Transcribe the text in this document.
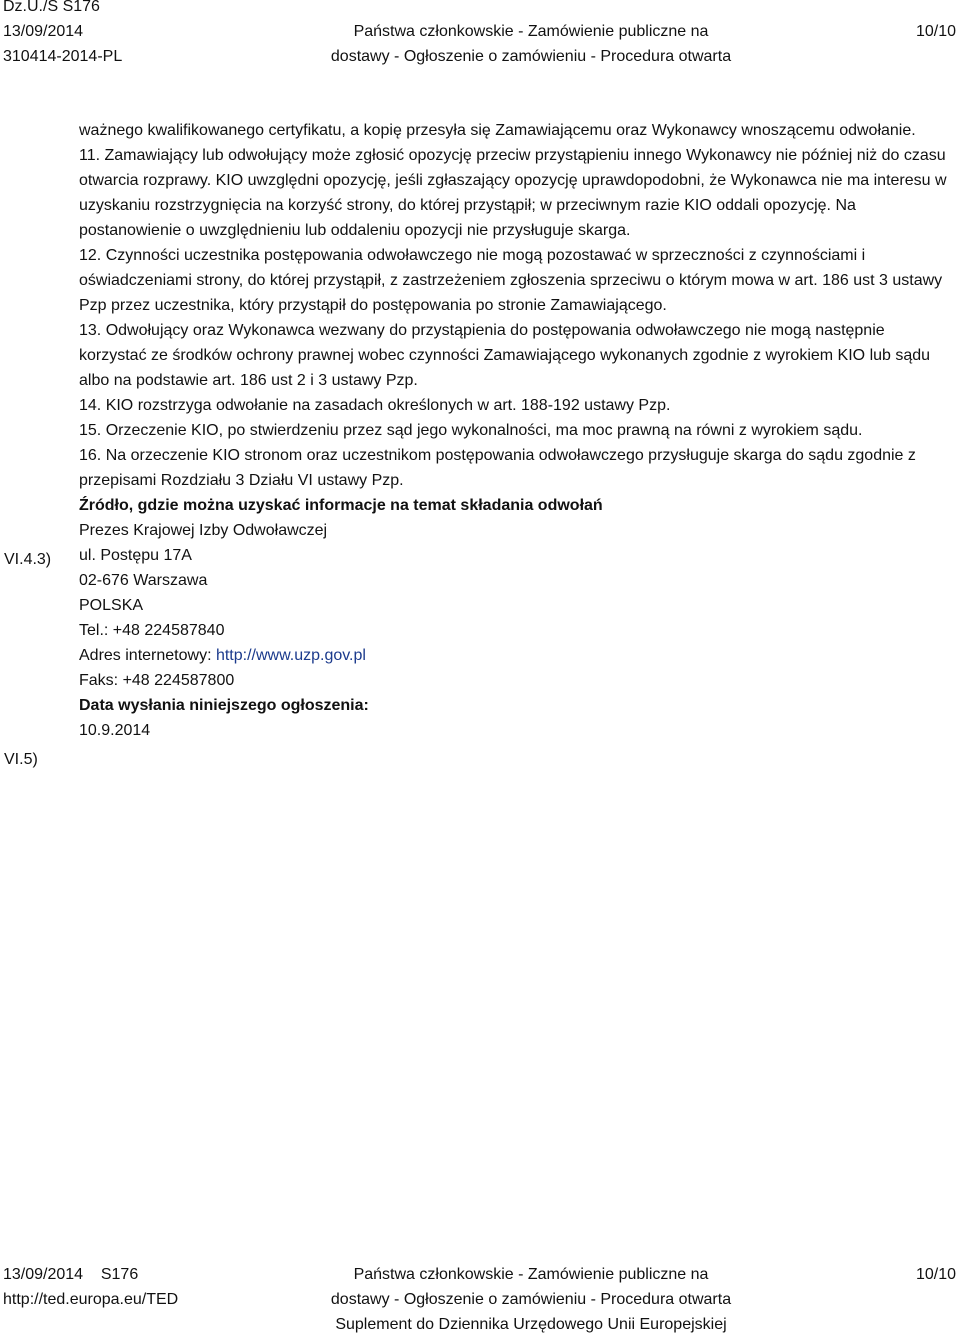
Dz.U./S S176
13/09/2014
310414-2014-PL
Państwa członkowskie - Zamówienie publiczne na
dostawy - Ogłoszenie o zamówieniu - Procedura otwarta
10/10

ważnego kwalifikowanego certyfikatu, a kopię przesyła się Zamawiającemu oraz Wykonawcy wnoszącemu odwołanie.

11. Zamawiający lub odwołujący może zgłosić opozycję przeciw przystąpieniu innego Wykonawcy nie później niż do czasu otwarcia rozprawy. KIO uwzględni opozycję, jeśli zgłaszający opozycję uprawdopodobni, że Wykonawca nie ma interesu w uzyskaniu rozstrzygnięcia na korzyść strony, do której przystąpił; w przeciwnym razie KIO oddali opozycję. Na postanowienie o uwzględnieniu lub oddaleniu opozycji nie przysługuje skarga.

12. Czynności uczestnika postępowania odwoławczego nie mogą pozostawać w sprzeczności z czynnościami i oświadczeniami strony, do której przystąpił, z zastrzeżeniem zgłoszenia sprzeciwu o którym mowa w art. 186 ust 3 ustawy Pzp przez uczestnika, który przystąpił do postępowania po stronie Zamawiającego.

13. Odwołujący oraz Wykonawca wezwany do przystąpienia do postępowania odwoławczego nie mogą następnie korzystać ze środków ochrony prawnej wobec czynności Zamawiającego wykonanych zgodnie z wyrokiem KIO lub sądu albo na podstawie art. 186 ust 2 i 3 ustawy Pzp.

14. KIO rozstrzyga odwołanie na zasadach określonych w art. 188-192 ustawy Pzp.

15. Orzeczenie KIO, po stwierdzeniu przez sąd jego wykonalności, ma moc prawną na równi z wyrokiem sądu.

16. Na orzeczenie KIO stronom oraz uczestnikom postępowania odwoławczego przysługuje skarga do sądu zgodnie z przepisami Rozdziału 3 Działu VI ustawy Pzp.

Źródło, gdzie można uzyskać informacje na temat składania odwołań

Prezes Krajowej Izby Odwoławczej

ul. Postępu 17A

02-676 Warszawa

POLSKA

Tel.: +48 224587840

Adres internetowy: http://www.uzp.gov.pl

Faks: +48 224587800

Data wysłania niniejszego ogłoszenia:

10.9.2014

VI.4.3)
VI.5)
13/09/2014    S176
http://ted.europa.eu/TED
Państwa członkowskie - Zamówienie publiczne na
dostawy - Ogłoszenie o zamówieniu - Procedura otwarta
Suplement do Dziennika Urzędowego Unii Europejskiej
10/10
